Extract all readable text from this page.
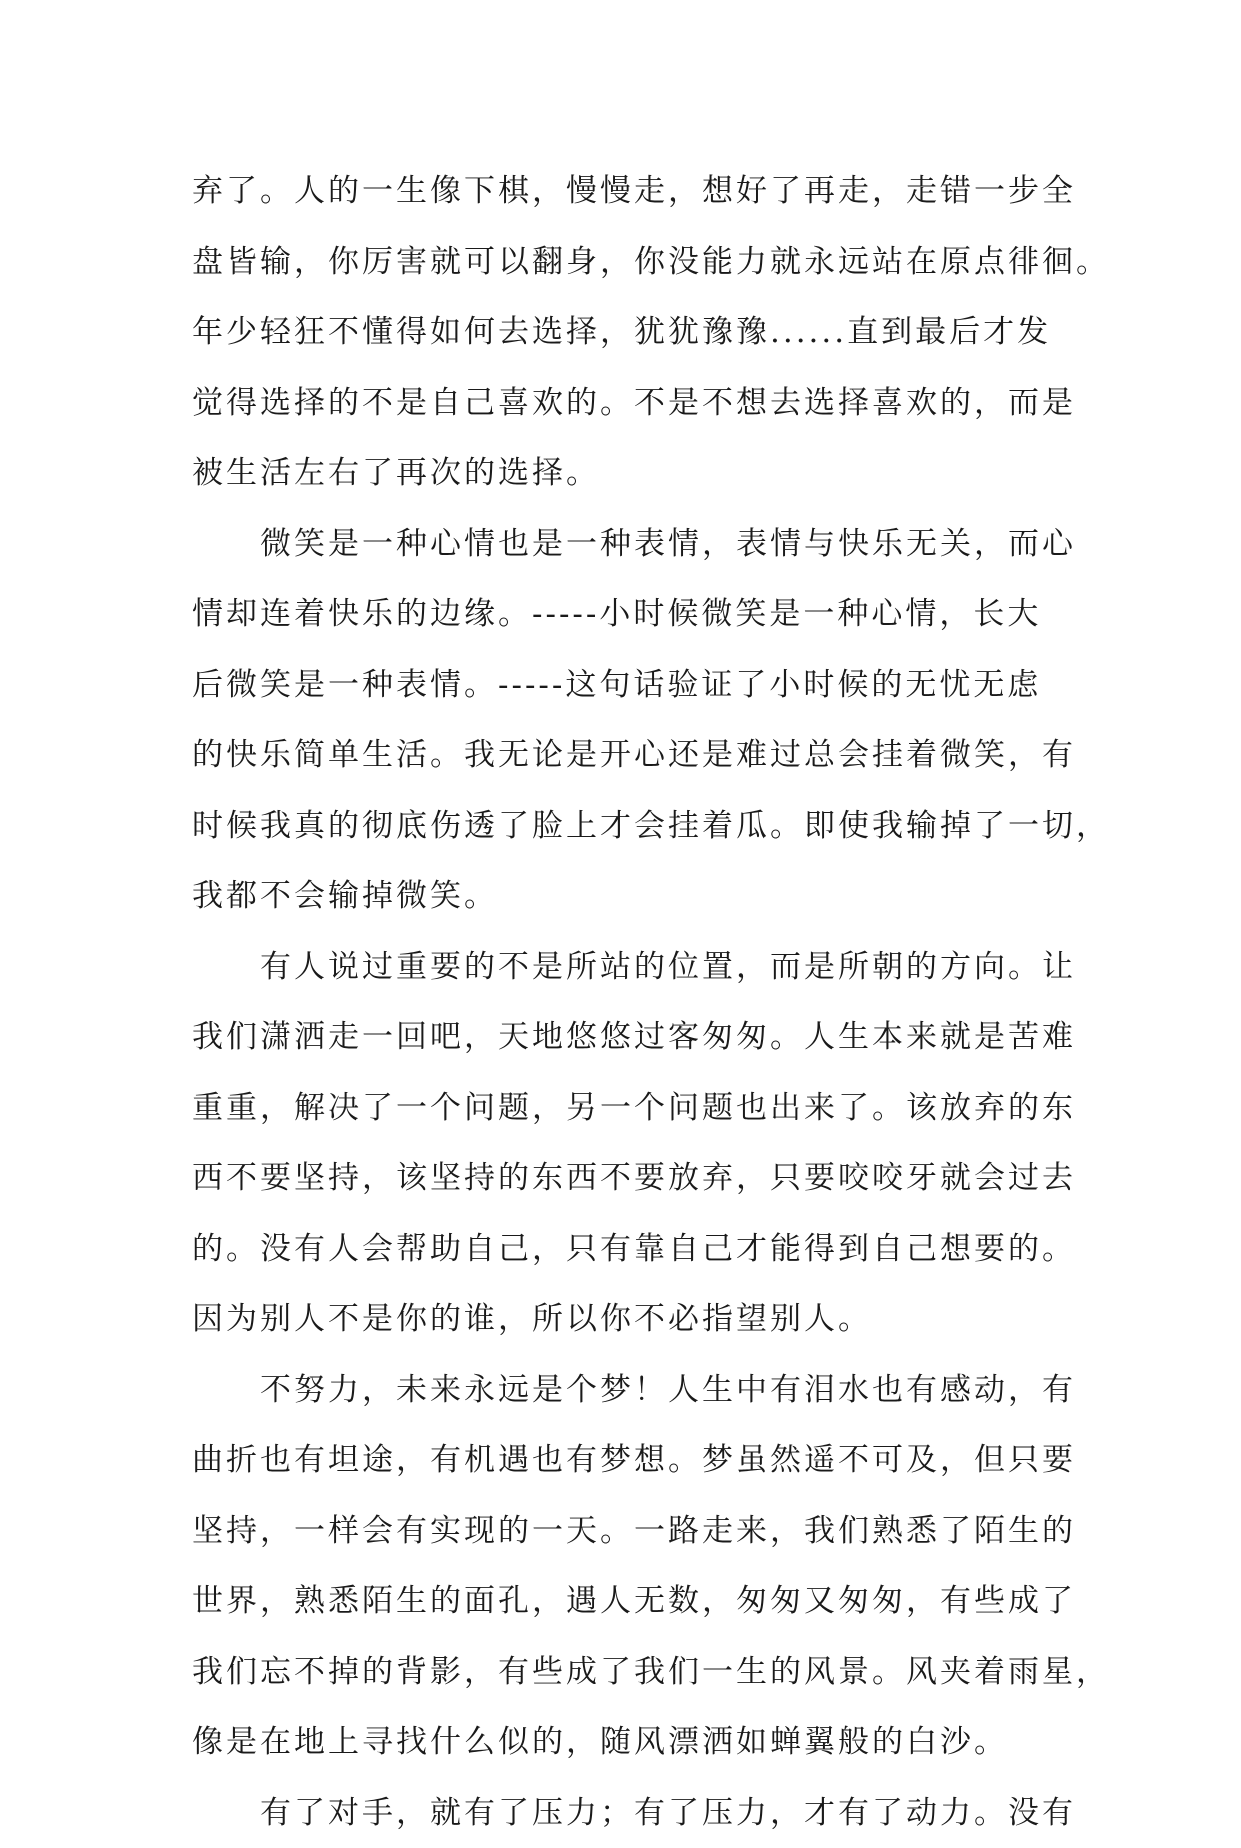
弃了。人的一生像下棋，慢慢走，想好了再走，走错一步全
盘皆输，你厉害就可以翻身，你没能力就永远站在原点徘徊。
年少轻狂不懂得如何去选择，犹犹豫豫......直到最后才发
觉得选择的不是自己喜欢的。不是不想去选择喜欢的，而是
被生活左右了再次的选择。
微笑是一种心情也是一种表情，表情与快乐无关，而心
情却连着快乐的边缘。-----小时候微笑是一种心情，长大
后微笑是一种表情。-----这句话验证了小时候的无忧无虑
的快乐简单生活。我无论是开心还是难过总会挂着微笑，有
时候我真的彻底伤透了脸上才会挂着瓜。即使我输掉了一切，
我都不会输掉微笑。
有人说过重要的不是所站的位置，而是所朝的方向。让
我们潇洒走一回吧，天地悠悠过客匆匆。人生本来就是苦难
重重，解决了一个问题，另一个问题也出来了。该放弃的东
西不要坚持，该坚持的东西不要放弃，只要咬咬牙就会过去
的。没有人会帮助自己，只有靠自己才能得到自己想要的。
因为别人不是你的谁，所以你不必指望别人。
不努力，未来永远是个梦！人生中有泪水也有感动，有
曲折也有坦途，有机遇也有梦想。梦虽然遥不可及，但只要
坚持，一样会有实现的一天。一路走来，我们熟悉了陌生的
世界，熟悉陌生的面孔，遇人无数，匆匆又匆匆，有些成了
我们忘不掉的背影，有些成了我们一生的风景。风夹着雨星，
像是在地上寻找什么似的，随风漂洒如蝉翼般的白沙。
有了对手，就有了压力；有了压力，才有了动力。没有
